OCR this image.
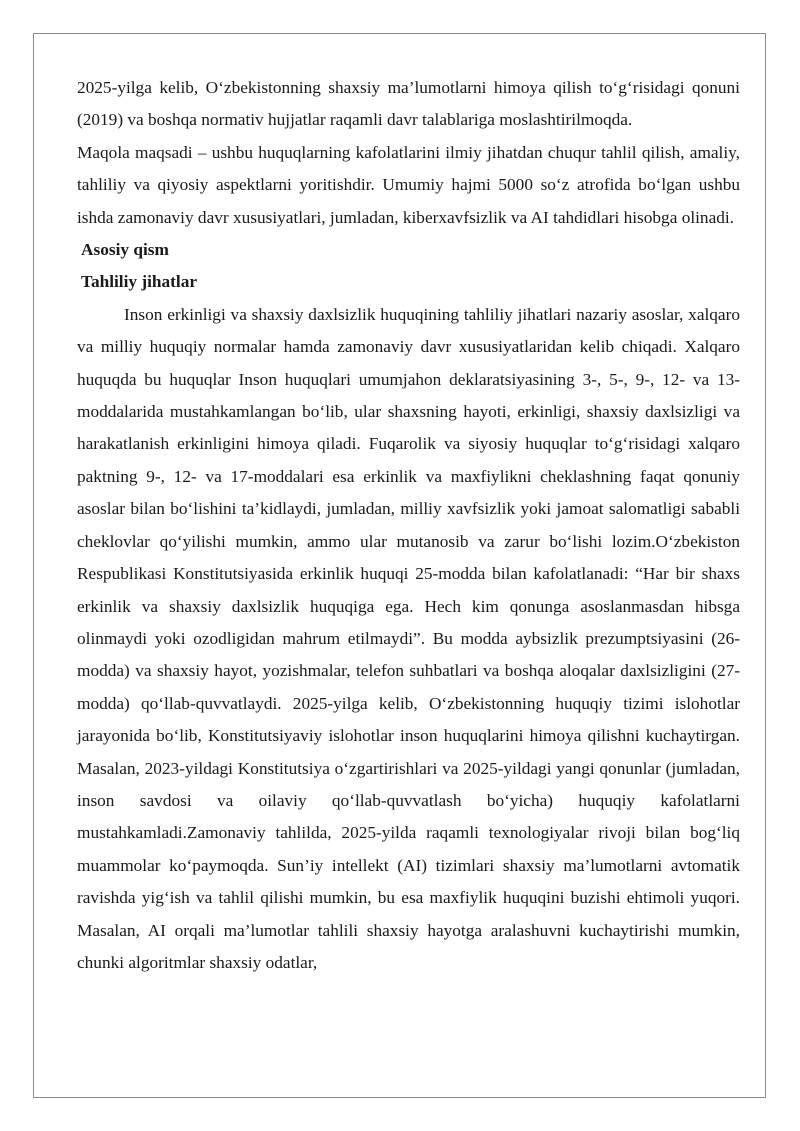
2025-yilga kelib, O‘zbekistonning shaxsiy ma’lumotlarni himoya qilish to‘g‘risidagi qonuni (2019) va boshqa normativ hujjatlar raqamli davr talablariga moslashtirilmoqda.

Maqola maqsadi – ushbu huquqlarning kafolatlarini ilmiy jihatdan chuqur tahlil qilish, amaliy, tahliliy va qiyosiy aspektlarni yoritishdir. Umumiy hajmi 5000 so‘z atrofida bo‘lgan ushbu ishda zamonaviy davr xususiyatlari, jumladan, kiberxavfsizlik va AI tahdidlari hisobga olinadi.

Asosiy qism

Tahliliy jihatlar

Inson erkinligi va shaxsiy daxlsizlik huquqining tahliliy jihatlari nazariy asoslar, xalqaro va milliy huquqiy normalar hamda zamonaviy davr xususiyatlaridan kelib chiqadi. Xalqaro huquqda bu huquqlar Inson huquqlari umumjahon deklaratsiyasining 3-, 5-, 9-, 12- va 13-moddalarida mustahkamlangan bo‘lib, ular shaxsning hayoti, erkinligi, shaxsiy daxlsizligi va harakatlanish erkinligini himoya qiladi. Fuqarolik va siyosiy huquqlar to‘g‘risidagi xalqaro paktning 9-, 12- va 17-moddalari esa erkinlik va maxfiylikni cheklashning faqat qonuniy asoslar bilan bo‘lishini ta’kidlaydi, jumladan, milliy xavfsizlik yoki jamoat salomatligi sababli cheklovlar qo‘yilishi mumkin, ammo ular mutanosib va zarur bo‘lishi lozim.O‘zbekiston Respublikasi Konstitutsiyasida erkinlik huquqi 25-modda bilan kafolatlanadi: “Har bir shaxs erkinlik va shaxsiy daxlsizlik huquqiga ega. Hech kim qonunga asoslanmasdan hibsga olinmaydi yoki ozodligidan mahrum etilmaydi”. Bu modda aybsizlik prezumptsiyasini (26-modda) va shaxsiy hayot, yozishmalar, telefon suhbatlari va boshqa aloqalar daxlsizligini (27-modda) qo‘llab-quvvatlaydi. 2025-yilga kelib, O‘zbekistonning huquqiy tizimi islohotlar jarayonida bo‘lib, Konstitutsiyaviy islohotlar inson huquqlarini himoya qilishni kuchaytirgan. Masalan, 2023-yildagi Konstitutsiya o‘zgartirishlari va 2025-yildagi yangi qonunlar (jumladan, inson savdosi va oilaviy qo‘llab-quvvatlash bo‘yicha) huquqiy kafolatlarni mustahkamladi.Zamonaviy tahlilda, 2025-yilda raqamli texnologiyalar rivoji bilan bog‘liq muammolar ko‘paymoqda. Sun’iy intellekt (AI) tizimlari shaxsiy ma’lumotlarni avtomatik ravishda yig‘ish va tahlil qilishi mumkin, bu esa maxfiylik huquqini buzishi ehtimoli yuqori. Masalan, AI orqali ma’lumotlar tahlili shaxsiy hayotga aralashuvni kuchaytirishi mumkin, chunki algoritmlar shaxsiy odatlar,
